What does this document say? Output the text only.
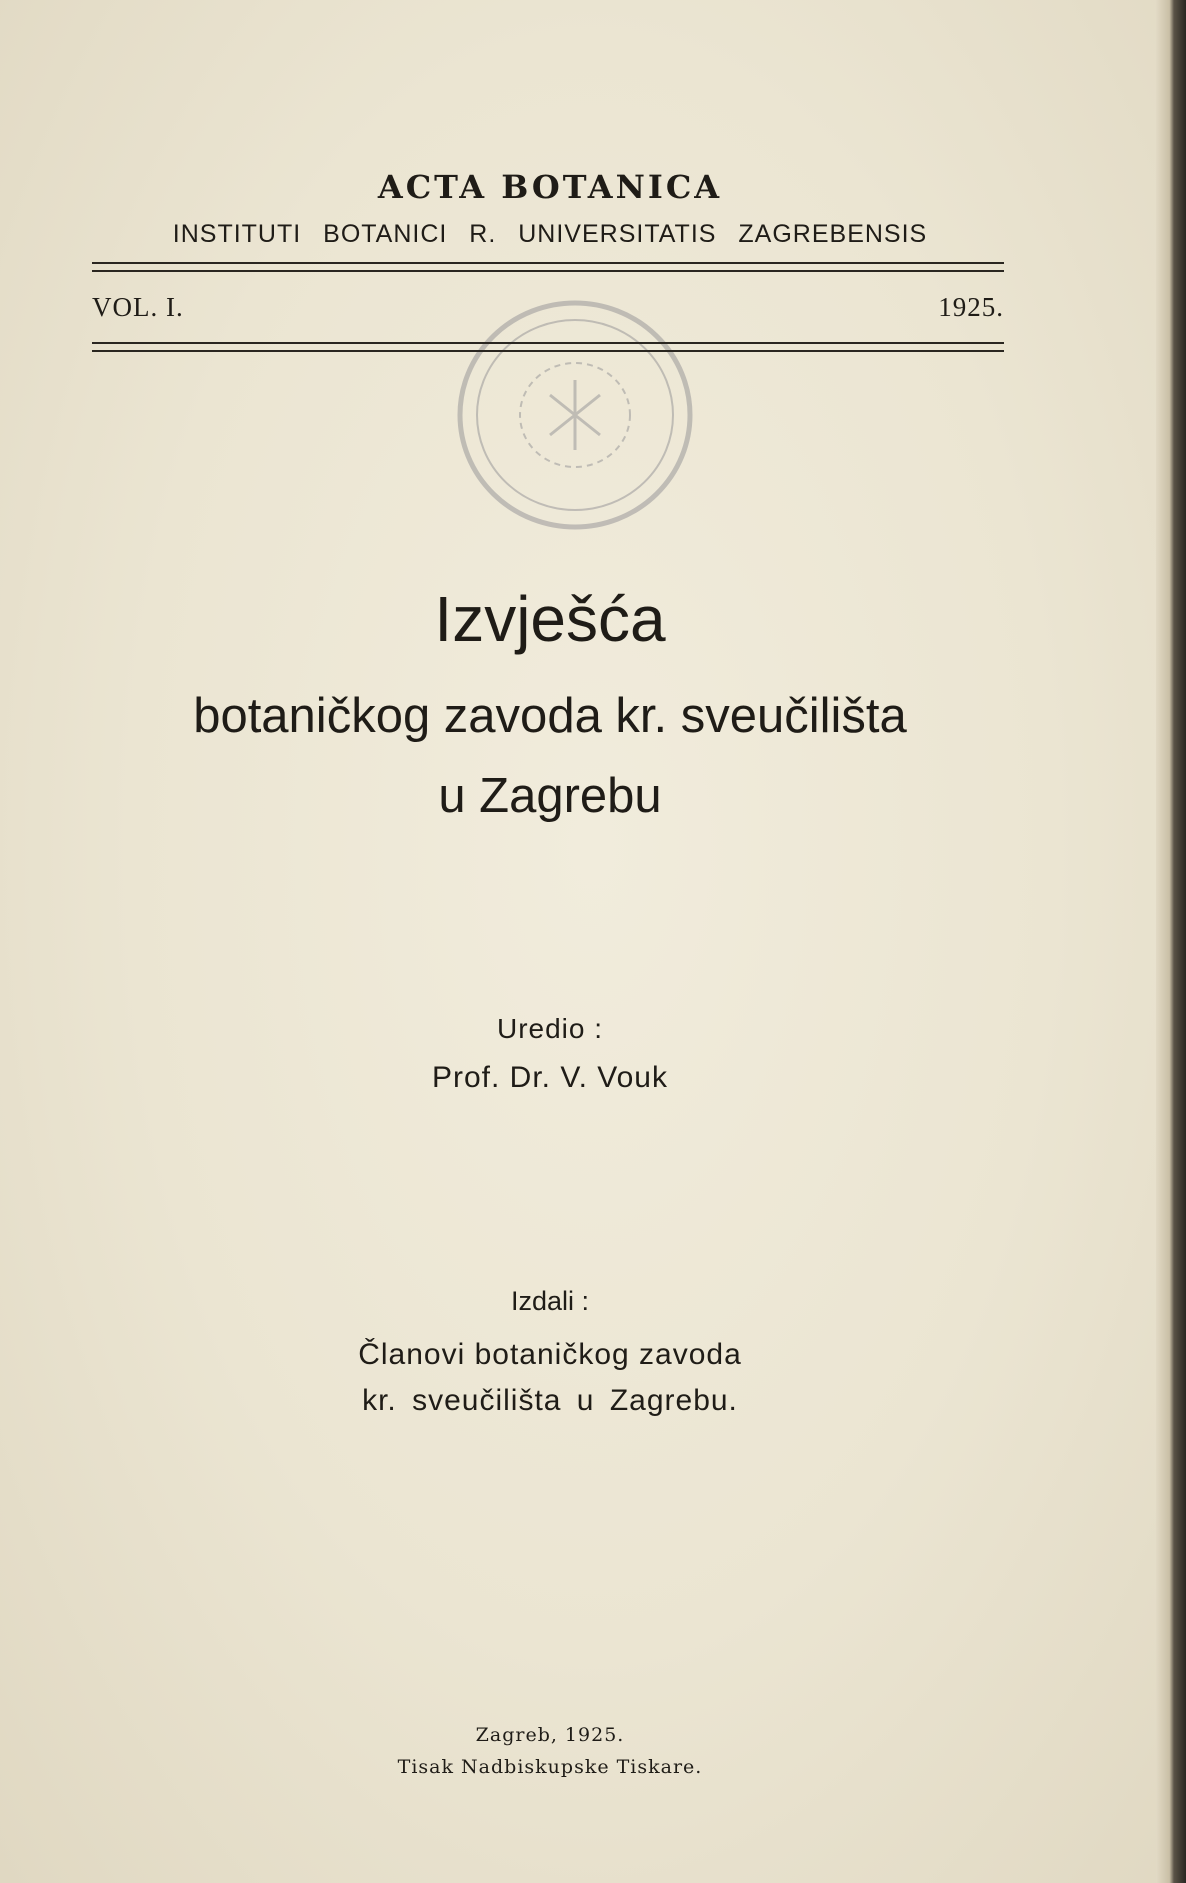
ACTA BOTANICA
INSTITUTI BOTANICI R. UNIVERSITATIS ZAGREBENSIS
VOL. I.	1925.
Izvješća
botaničkog zavoda kr. sveučilišta
u Zagrebu
Uredio :
Prof. Dr. V. Vouk
Izdali :
Članovi botaničkog zavoda
kr. sveučilišta u Zagrebu.
Zagreb, 1925.
Tisak Nadbiskupske Tiskare.
